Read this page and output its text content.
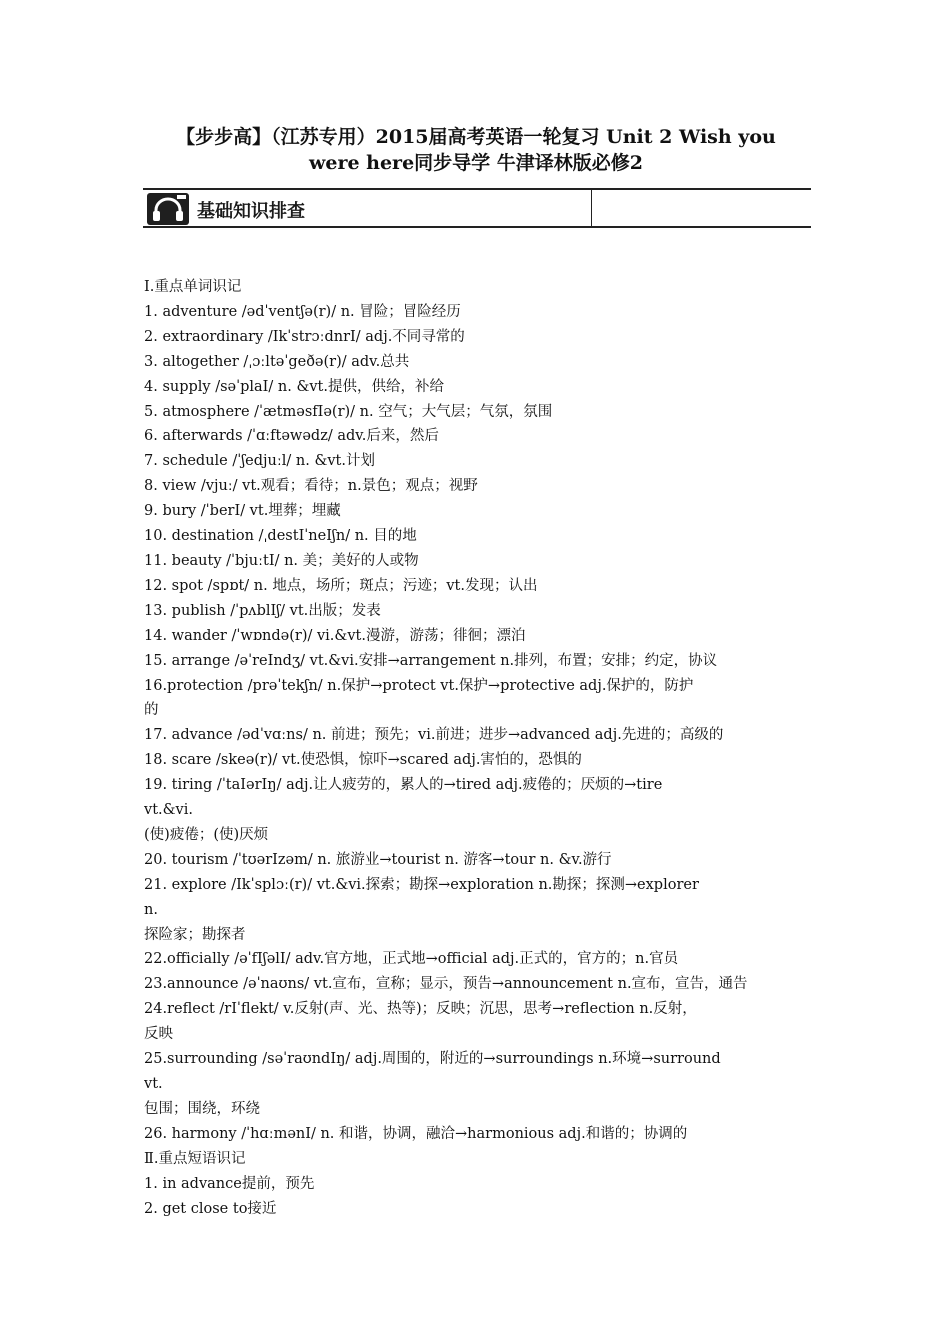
【步步高】（江苏专用）2015届高考英语一轮复习 Unit 2 Wish you
were here同步导学 牛津译林版必修2
基础知识排查
Ⅰ.重点单词识记
1. adventure /ədˈventʃə(r)/ n. 冒险；冒险经历
2. extraordinary /IkˈstrɔːdnrI/ adj.不同寻常的
3. altogether /ˌɔːltəˈgeðə(r)/ adv.总共
4. supply /səˈplaI/ n. &vt.提供，供给，补给
5. atmosphere /ˈætməsfIə(r)/ n. 空气；大气层；气氛，氛围
6. afterwards /ˈɑːftəwədz/ adv.后来，然后
7. schedule /ˈʃedjuːl/ n. &vt.计划
8. view /vjuː/ vt.观看；看待；n.景色；观点；视野
9. bury /ˈberI/ vt.埋葬；埋藏
10. destination /ˌdestIˈneIʃn/ n. 目的地
11. beauty /ˈbjuːtI/ n. 美；美好的人或物
12. spot /spɒt/ n. 地点，场所；斑点；污迹；vt.发现；认出
13. publish /ˈpʌblIʃ/ vt.出版；发表
14. wander /ˈwɒndə(r)/ vi.&vt.漫游，游荡；徘徊；漂泊
15. arrange /əˈreIndʒ/ vt.&vi.安排→arrangement n.排列，布置；安排；约定，协议
16.protection /prəˈtekʃn/ n.保护→protect vt.保护→protective adj.保护的，防护
的
17. advance /ədˈvɑːns/ n. 前进；预先；vi.前进；进步→advanced adj.先进的；高级的
18. scare /skeə(r)/ vt.使恐惧，惊吓→scared adj.害怕的，恐惧的
19. tiring /ˈtaIərIŋ/ adj.让人疲劳的，累人的→tired adj.疲倦的；厌烦的→tire
vt.&vi.
(使)疲倦；(使)厌烦
20. tourism /ˈtʊərIzəm/ n. 旅游业→tourist n. 游客→tour n. &v.游行
21. explore /Ikˈsplɔː(r)/ vt.&vi.探索；勘探→exploration n.勘探；探测→explorer
n.
探险家；勘探者
22.officially /əˈfIʃəlI/ adv.官方地，正式地→official adj.正式的，官方的；n.官员
23.announce /əˈnaʊns/ vt.宣布，宣称；显示，预告→announcement n.宣布，宣告，通告
24.reflect /rIˈflekt/ v.反射(声、光、热等)；反映；沉思，思考→reflection n.反射，
反映
25.surrounding /səˈraʊndIŋ/ adj.周围的，附近的→surroundings n.环境→surround
vt.
包围；围绕，环绕
26. harmony /ˈhɑːmənI/ n. 和谐，协调，融洽→harmonious adj.和谐的；协调的
Ⅱ.重点短语识记
1. in advance提前，预先
2. get close to接近
